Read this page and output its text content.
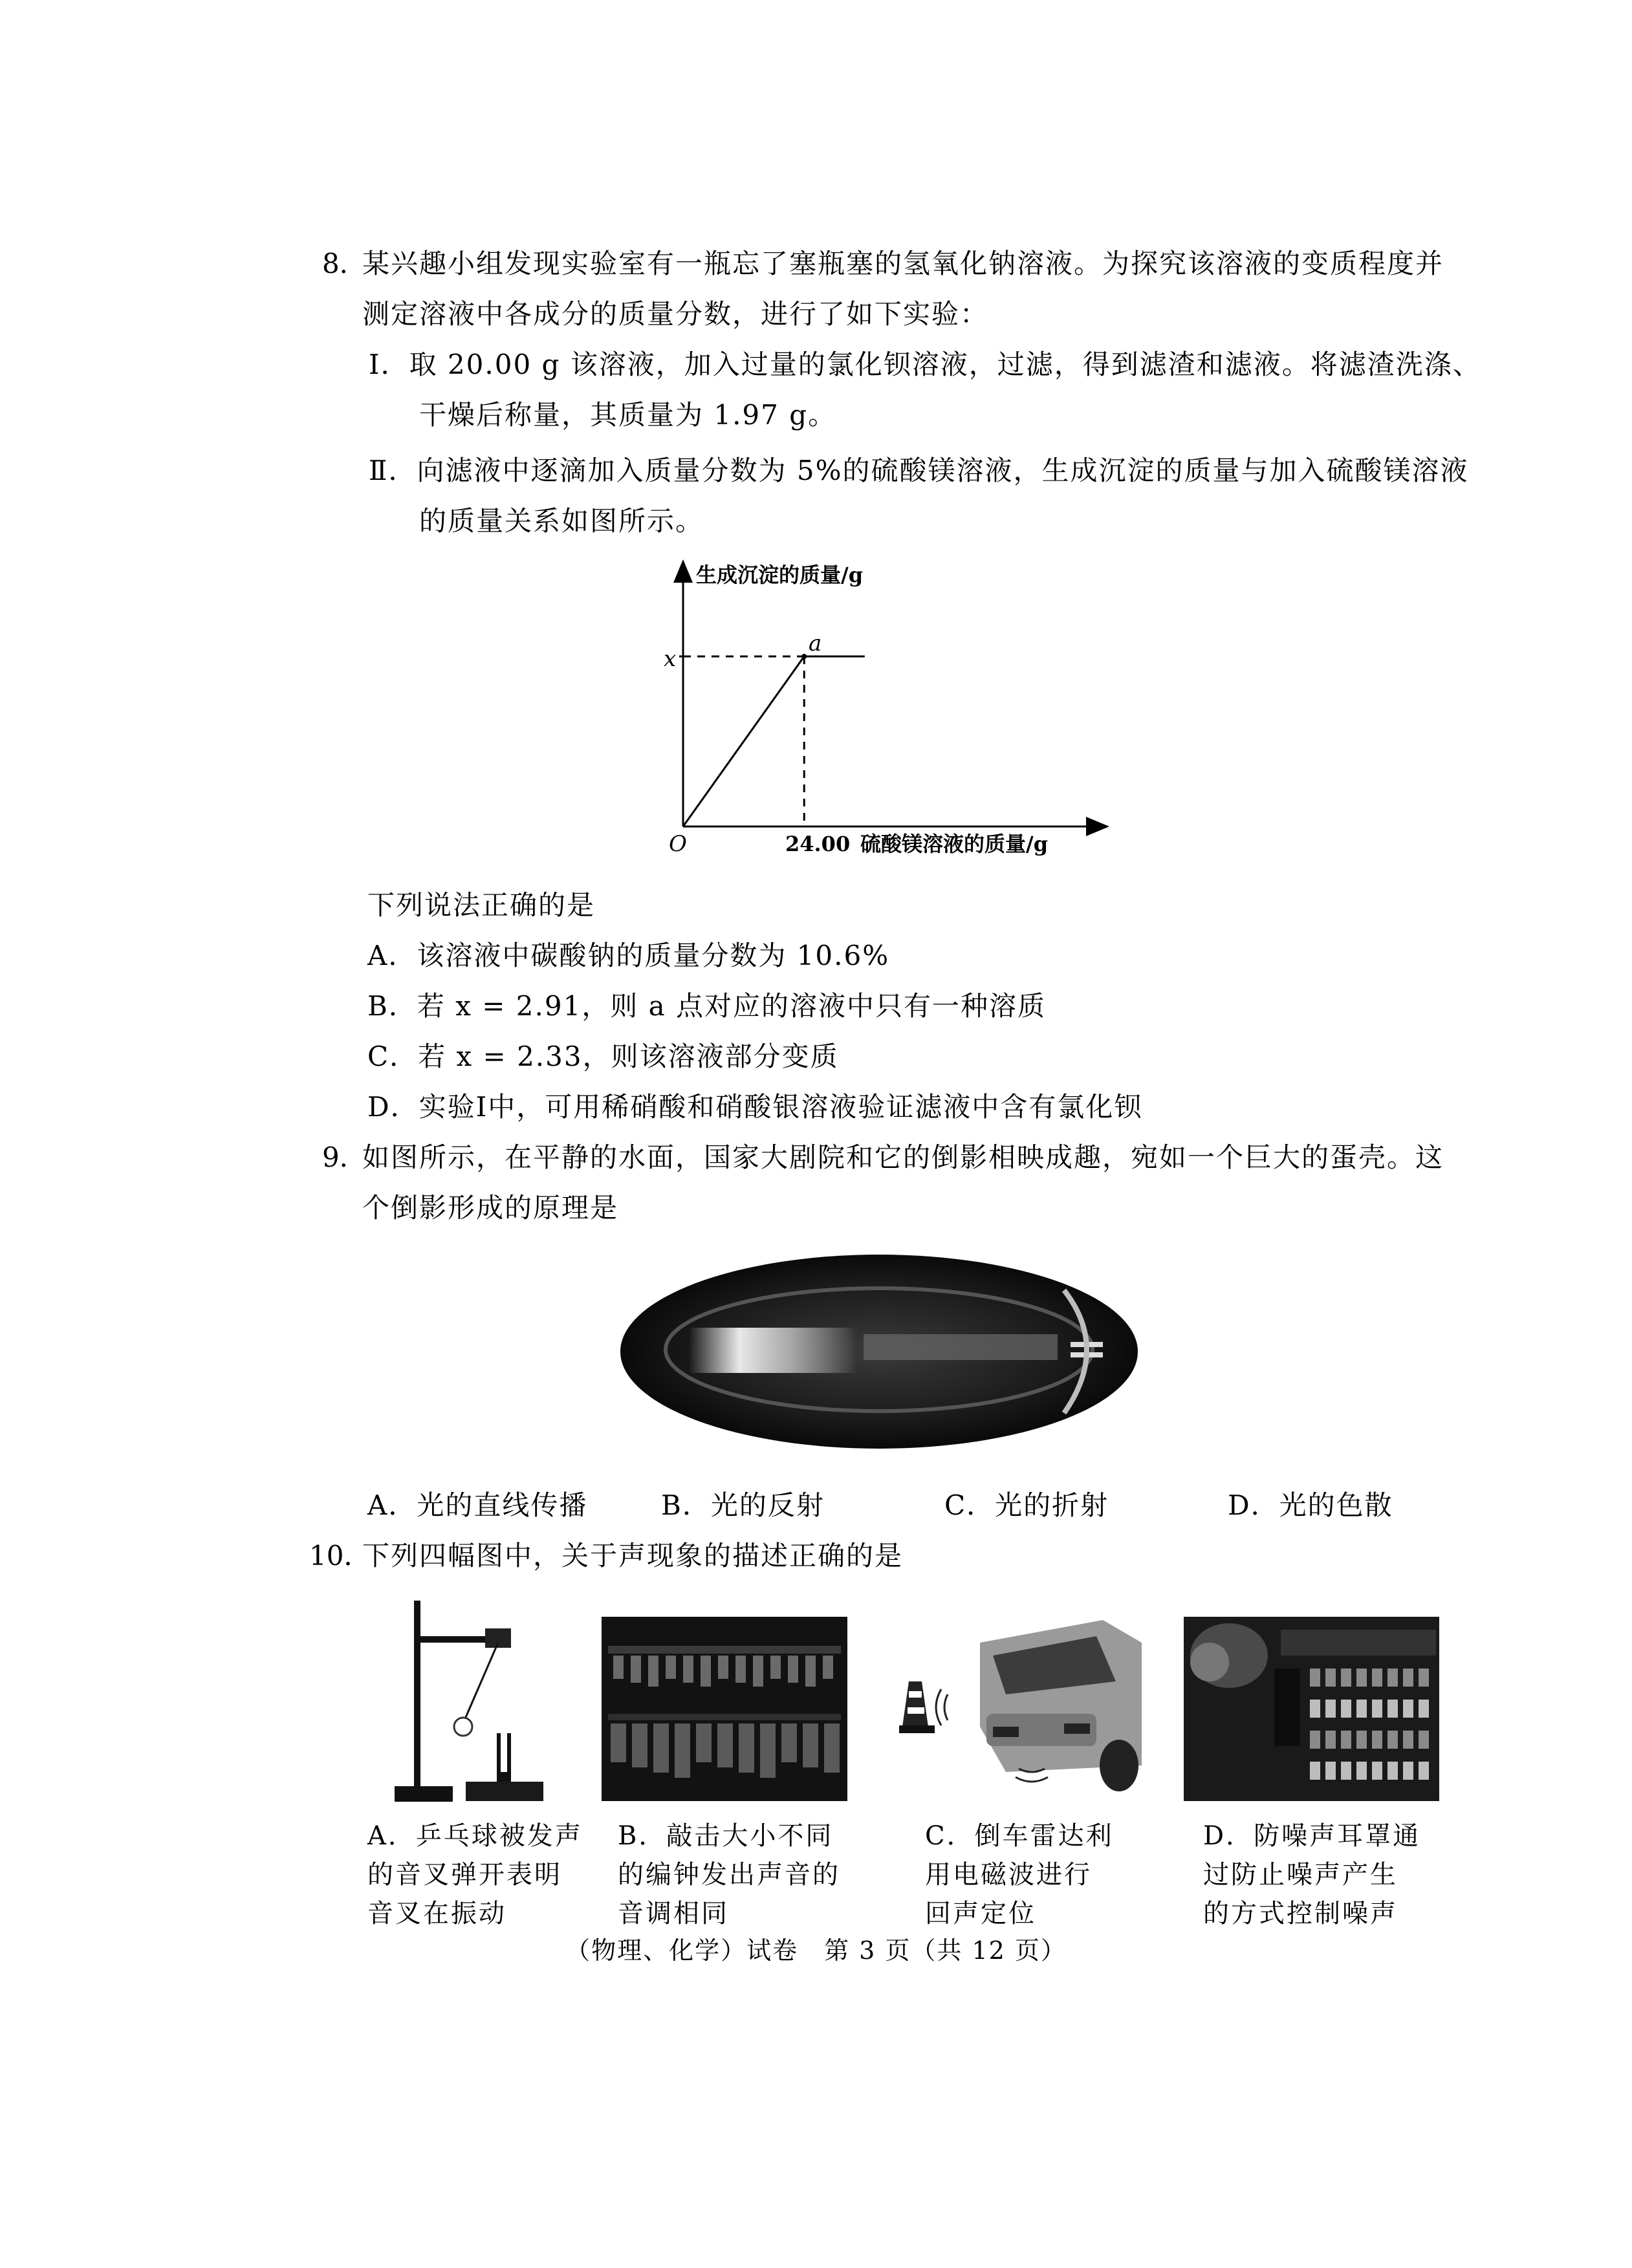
8．
某兴趣小组发现实验室有一瓶忘了塞瓶塞的氢氧化钠溶液。为探究该溶液的变质程度并
测定溶液中各成分的质量分数，进行了如下实验：
Ⅰ．取 20.00 g 该溶液，加入过量的氯化钡溶液，过滤，得到滤渣和滤液。将滤渣洗涤、
干燥后称量，其质量为 1.97 g。
Ⅱ．向滤液中逐滴加入质量分数为 5%的硫酸镁溶液，生成沉淀的质量与加入硫酸镁溶液
的质量关系如图所示。
生成沉淀的质量/g
硫酸镁溶液的质量/g
O
x
24.00
a
下列说法正确的是
A．该溶液中碳酸钠的质量分数为 10.6%
B．若 x = 2.91，则 a 点对应的溶液中只有一种溶质
C．若 x = 2.33，则该溶液部分变质
D．实验Ⅰ中，可用稀硝酸和硝酸银溶液验证滤液中含有氯化钡
9．
如图所示，在平静的水面，国家大剧院和它的倒影相映成趣，宛如一个巨大的蛋壳。这
个倒影形成的原理是
A．光的直线传播	B．光的反射	C．光的折射	D．光的色散
10．
下列四幅图中，关于声现象的描述正确的是
A．乒乓球被发声
的音叉弹开表明
音叉在振动
B．敲击大小不同
的编钟发出声音的
音调相同
C．倒车雷达利
用电磁波进行
回声定位
D．防噪声耳罩通
过防止噪声产生
的方式控制噪声
（物理、化学）试卷　第 3 页（共 12 页）
